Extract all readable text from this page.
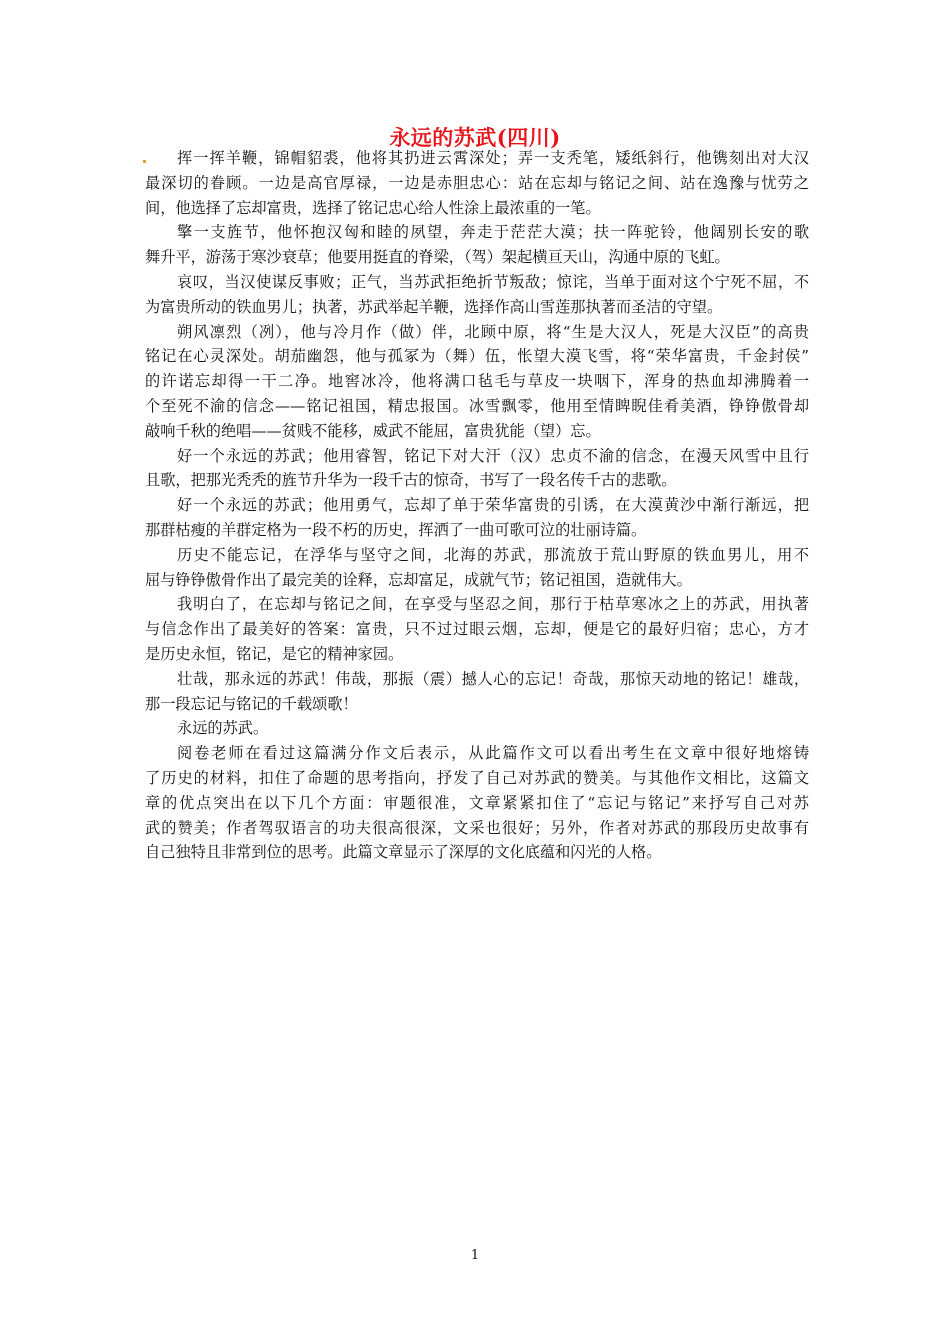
永远的苏武(四川)
挥一挥羊鞭，锦帽貂裘，他将其扔进云霄深处；弄一支秃笔，矮纸斜行，他镌刻出对大汉
最深切的眷顾。一边是高官厚禄，一边是赤胆忠心：站在忘却与铭记之间、站在逸豫与忧劳之
间，他选择了忘却富贵，选择了铭记忠心给人性涂上最浓重的一笔。
擎一支旌节，他怀抱汉匈和睦的夙望，奔走于茫茫大漠；扶一阵驼铃，他阔别长安的歌
舞升平，游荡于寒沙衰草；他要用挺直的脊梁，（驾）架起横亘天山，沟通中原的飞虹。
哀叹，当汉使谋反事败；正气，当苏武拒绝折节叛敌；惊诧，当单于面对这个宁死不屈，不
为富贵所动的铁血男儿；执著，苏武举起羊鞭，选择作高山雪莲那执著而圣洁的守望。
朔风凛烈（冽），他与冷月作（做）伴，北顾中原，将“生是大汉人，死是大汉臣”的高贵
铭记在心灵深处。胡茄幽怨，他与孤冢为（舞）伍，怅望大漠飞雪，将“荣华富贵，千金封侯”
的许诺忘却得一干二净。地窖冰冷，他将满口毡毛与草皮一块咽下，浑身的热血却沸腾着一
个至死不渝的信念——铭记祖国，精忠报国。冰雪飘零，他用至情睥睨佳肴美酒，铮铮傲骨却
敲响千秋的绝唱——贫贱不能移，威武不能屈，富贵犹能（望）忘。
好一个永远的苏武；他用睿智，铭记下对大汗（汉）忠贞不渝的信念，在漫天风雪中且行
且歌，把那光秃秃的旌节升华为一段千古的惊奇，书写了一段名传千古的悲歌。
好一个永远的苏武；他用勇气，忘却了单于荣华富贵的引诱，在大漠黄沙中渐行渐远，把
那群枯瘦的羊群定格为一段不朽的历史，挥洒了一曲可歌可泣的壮丽诗篇。
历史不能忘记，在浮华与坚守之间，北海的苏武，那流放于荒山野原的铁血男儿，用不
屈与铮铮傲骨作出了最完美的诠释，忘却富足，成就气节；铭记祖国，造就伟大。
我明白了，在忘却与铭记之间，在享受与坚忍之间，那行于枯草寒冰之上的苏武，用执著
与信念作出了最美好的答案：富贵，只不过过眼云烟，忘却，便是它的最好归宿；忠心，方才
是历史永恒，铭记，是它的精神家园。
壮哉，那永远的苏武！伟哉，那振（震）撼人心的忘记！奇哉，那惊天动地的铭记！雄哉，
那一段忘记与铭记的千载颂歌！
永远的苏武。
阅卷老师在看过这篇满分作文后表示，从此篇作文可以看出考生在文章中很好地熔铸
了历史的材料，扣住了命题的思考指向，抒发了自己对苏武的赞美。与其他作文相比，这篇文
章的优点突出在以下几个方面：审题很准，文章紧紧扣住了“忘记与铭记”来抒写自己对苏
武的赞美；作者驾驭语言的功夫很高很深，文采也很好；另外，作者对苏武的那段历史故事有
自己独特且非常到位的思考。此篇文章显示了深厚的文化底蕴和闪光的人格。
1
